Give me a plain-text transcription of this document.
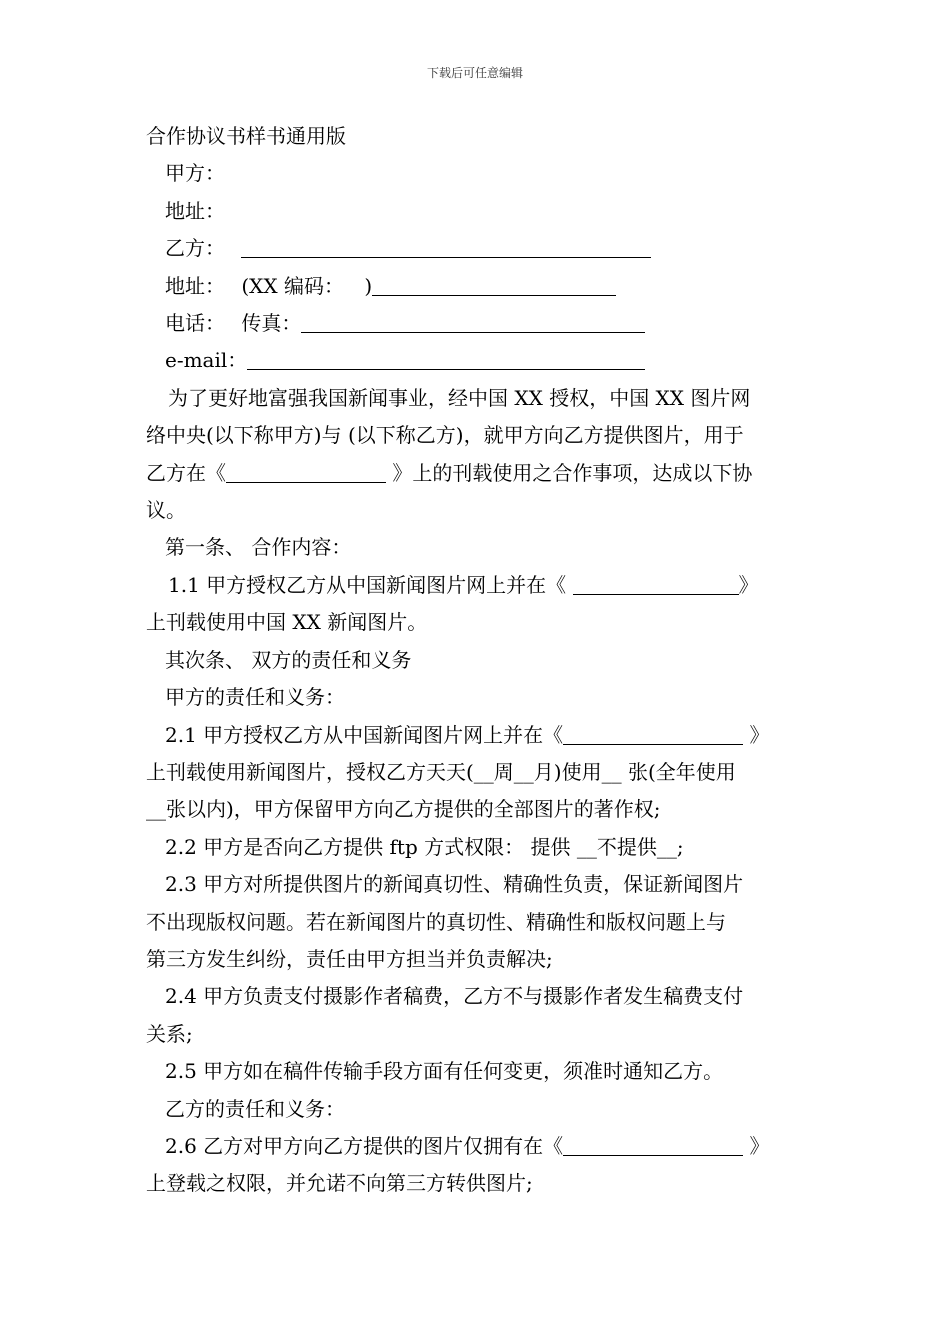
下载后可任意编辑
合作协议书样书通用版
甲方：
地址：
乙方：
地址： (XX 编码： )
电话： 传真：
e-mail：
为了更好地富强我国新闻事业，经中国 XX 授权，中国 XX 图片网
络中央(以下称甲方)与 (以下称乙方)，就甲方向乙方提供图片，用于
乙方在《	》上的刊载使用之合作事项，达成以下协
议。
第一条、 合作内容：
1.1 甲方授权乙方从中国新闻图片网上并在《	》
上刊载使用中国 XX 新闻图片。
其次条、 双方的责任和义务
甲方的责任和义务：
2.1 甲方授权乙方从中国新闻图片网上并在《	》
上刊载使用新闻图片，授权乙方天天(__周__月)使用__ 张(全年使用
__张以内)，甲方保留甲方向乙方提供的全部图片的著作权;
2.2 甲方是否向乙方提供 ftp 方式权限： 提供 __不提供__;
2.3 甲方对所提供图片的新闻真切性、精确性负责，保证新闻图片
不出现版权问题。若在新闻图片的真切性、精确性和版权问题上与
第三方发生纠纷，责任由甲方担当并负责解决;
2.4 甲方负责支付摄影作者稿费，乙方不与摄影作者发生稿费支付
关系;
2.5 甲方如在稿件传输手段方面有任何变更，须准时通知乙方。
乙方的责任和义务：
2.6 乙方对甲方向乙方提供的图片仅拥有在《	》
上登载之权限，并允诺不向第三方转供图片;
